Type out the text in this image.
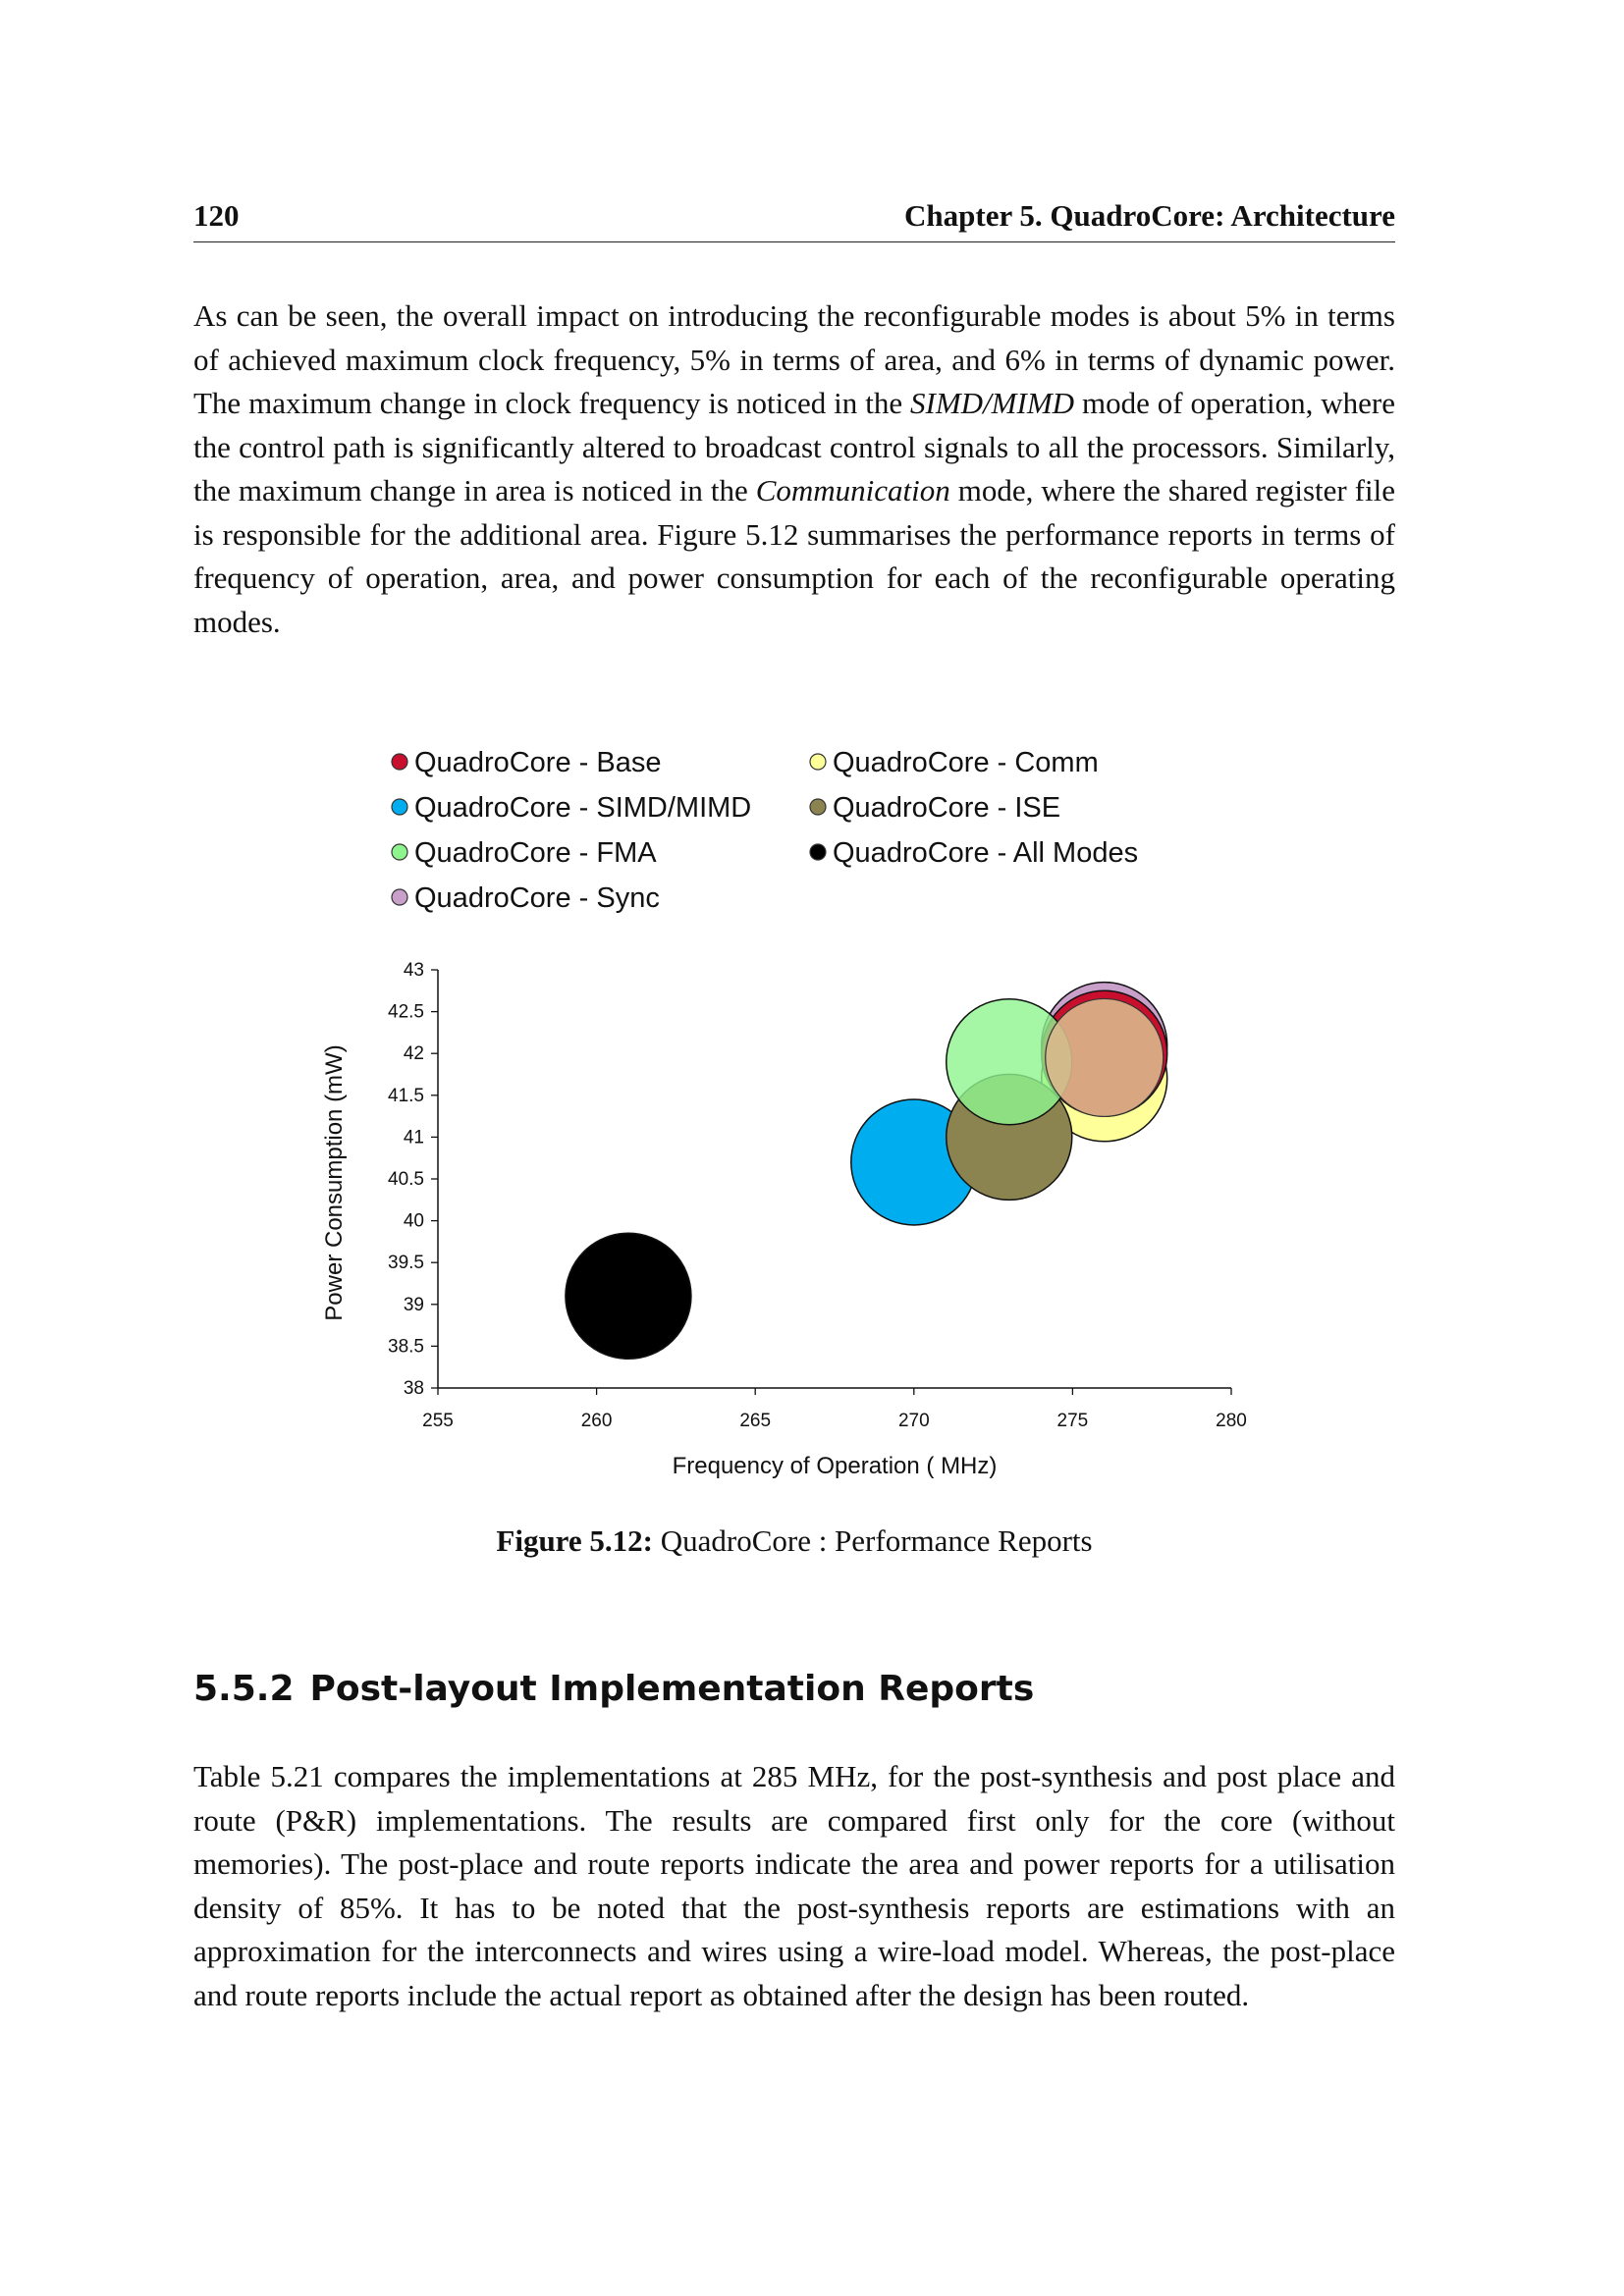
120	Chapter 5. QuadroCore: Architecture

As can be seen, the overall impact on introducing the reconfigurable modes is about 5% in terms of achieved maximum clock frequency, 5% in terms of area, and 6% in terms of dynamic power. The maximum change in clock frequency is noticed in the SIMD/MIMD mode of operation, where the control path is significantly altered to broadcast control signals to all the processors. Similarly, the maximum change in area is noticed in the Communication mode, where the shared register file is responsible for the additional area. Figure 5.12 summarises the performance reports in terms of frequency of operation, area, and power consumption for each of the reconfigurable operating modes.

QuadroCore - Base	QuadroCore - Comm
QuadroCore - SIMD/MIMD	QuadroCore - ISE
QuadroCore - FMA	QuadroCore - All Modes
QuadroCore - Sync
38
38.5
39
39.5
40
40.5
41
41.5
42
42.5
43
255	260	265	270	275	280
Frequency of Operation ( MHz)
Power Consumption (mW)
Figure 5.12: QuadroCore : Performance Reports
5.5.2 Post-layout Implementation Reports

Table 5.21 compares the implementations at 285 MHz, for the post-synthesis and post place and route (P&R) implementations. The results are compared first only for the core (without memories). The post-place and route reports indicate the area and power reports for a utilisation density of 85%. It has to be noted that the post-synthesis reports are estimations with an approximation for the interconnects and wires using a wire-load model. Whereas, the post-place and route reports include the actual report as obtained after the design has been routed.
